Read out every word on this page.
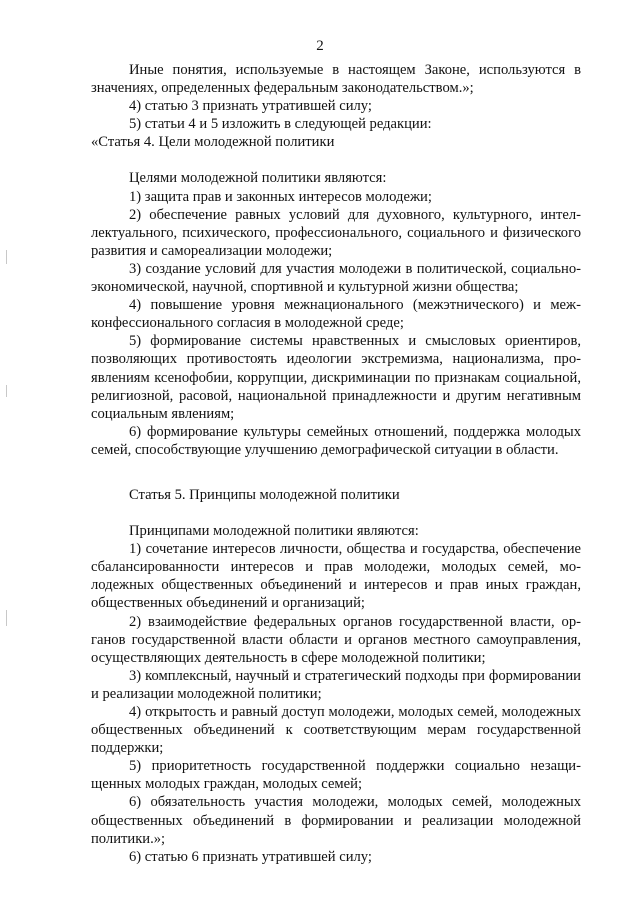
2

Иные понятия, используемые в настоящем Законе, используются в значениях, определенных федеральным законодательством.»;

4) статью 3 признать утратившей силу;

5) статьи 4 и 5 изложить в следующей редакции:

«Статья 4. Цели молодежной политики

Целями молодежной политики являются:

1) защита прав и законных интересов молодежи;

2) обеспечение равных условий для духовного, культурного, интеллектуального, психического, профессионального, социального и физического развития и самореализации молодежи;

3) создание условий для участия молодежи в политической, социально-экономической, научной, спортивной и культурной жизни общества;

4) повышение уровня межнационального (межэтнического) и межконфессионального согласия в молодежной среде;

5) формирование системы нравственных и смысловых ориентиров, позволяющих противостоять идеологии экстремизма, национализма, проявлениям ксенофобии, коррупции, дискриминации по признакам социальной, религиозной, расовой, национальной принадлежности и другим негативным социальным явлениям;

6) формирование культуры семейных отношений, поддержка молодых семей, способствующие улучшению демографической ситуации в области.

Статья 5. Принципы молодежной политики

Принципами молодежной политики являются:

1) сочетание интересов личности, общества и государства, обеспечение сбалансированности интересов и прав молодежи, молодых семей, молодежных общественных объединений и интересов и прав иных граждан, общественных объединений и организаций;

2) взаимодействие федеральных органов государственной власти, органов государственной власти области и органов местного самоуправления, осуществляющих деятельность в сфере молодежной политики;

3) комплексный, научный и стратегический подходы при формировании и реализации молодежной политики;

4) открытость и равный доступ молодежи, молодых семей, молодежных общественных объединений к соответствующим мерам государственной поддержки;

5) приоритетность государственной поддержки социально незащищенных молодых граждан, молодых семей;

6) обязательность участия молодежи, молодых семей, молодежных общественных объединений в формировании и реализации молодежной политики.»;

6) статью 6 признать утратившей силу;
